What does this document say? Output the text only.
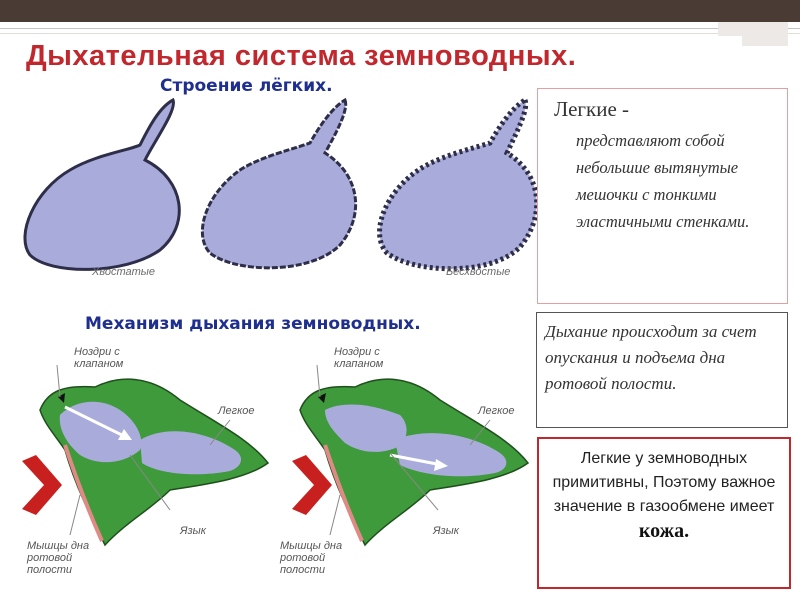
Дыхательная система земноводных.
Строение лёгких.
Хвостатые	Бесхвостые
Механизм дыхания земноводных.
Ноздри с клапаном
Легкое
Язык
Мышцы дна ротовой полости
Ноздри с клапаном
Легкое
Язык
Мышцы дна ротовой полости
Легкие -
представляют собой небольшие вытянутые мешочки с тонкими эластичными стенками.
Дыхание происходит за счет опускания и подъема дна ротовой полости.
Легкие у земноводных примитивны, Поэтому важное значение в газообмене имеет
кожа.
